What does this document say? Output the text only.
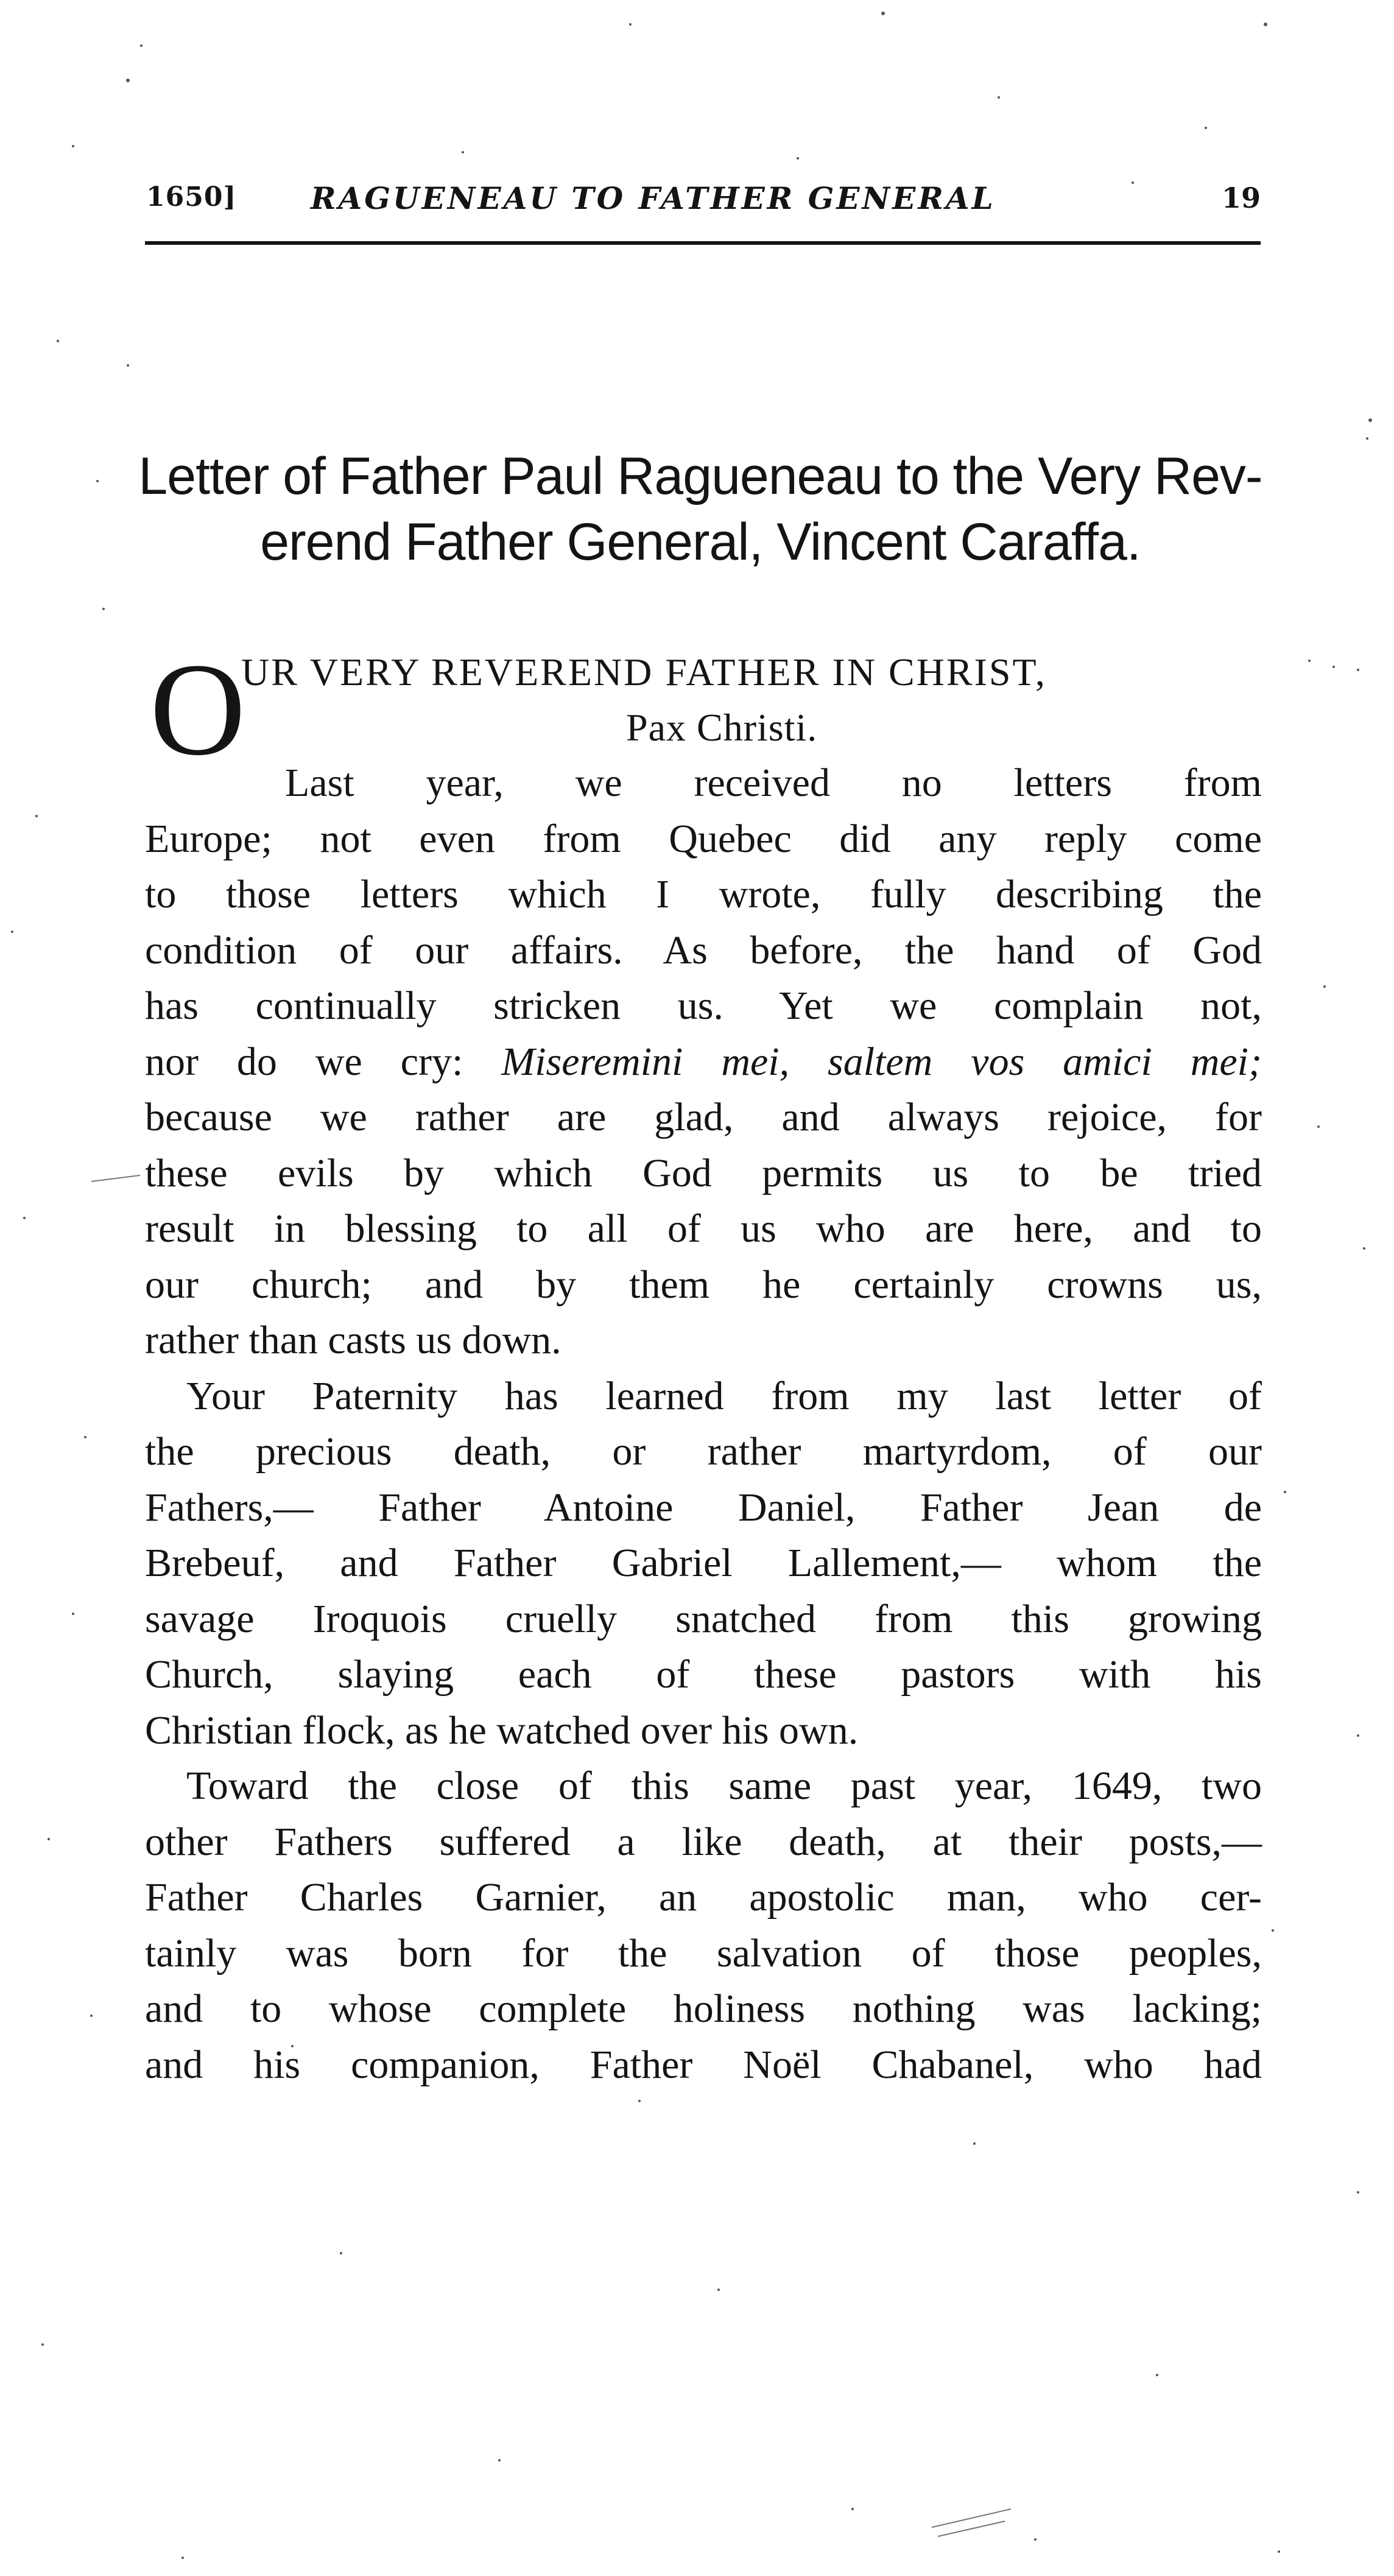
1650] RAGUENEAU TO FATHER GENERAL	19
Letter of Father Paul Ragueneau to the Very Rev-
erend Father General, Vincent Caraffa.
O
UR VERY REVEREND FATHER IN CHRIST,
Pax Christi.
Last year, we received no letters from
Europe; not even from Quebec did any reply come
to those letters which I wrote, fully describing the
condition of our affairs. As before, the hand of God
has continually stricken us. Yet we complain not,
nor do we cry: Miseremini mei, saltem vos amici mei;
because we rather are glad, and always rejoice, for
these evils by which God permits us to be tried
result in blessing to all of us who are here, and to
our church; and by them he certainly crowns us,
rather than casts us down.
Your Paternity has learned from my last letter of
the precious death, or rather martyrdom, of our
Fathers,— Father Antoine Daniel, Father Jean de
Brebeuf, and Father Gabriel Lallement,— whom the
savage Iroquois cruelly snatched from this growing
Church, slaying each of these pastors with his
Christian flock, as he watched over his own.
Toward the close of this same past year, 1649, two
other Fathers suffered a like death, at their posts,—
Father Charles Garnier, an apostolic man, who cer-
tainly was born for the salvation of those peoples,
and to whose complete holiness nothing was lacking;
and his companion, Father Noël Chabanel, who had
